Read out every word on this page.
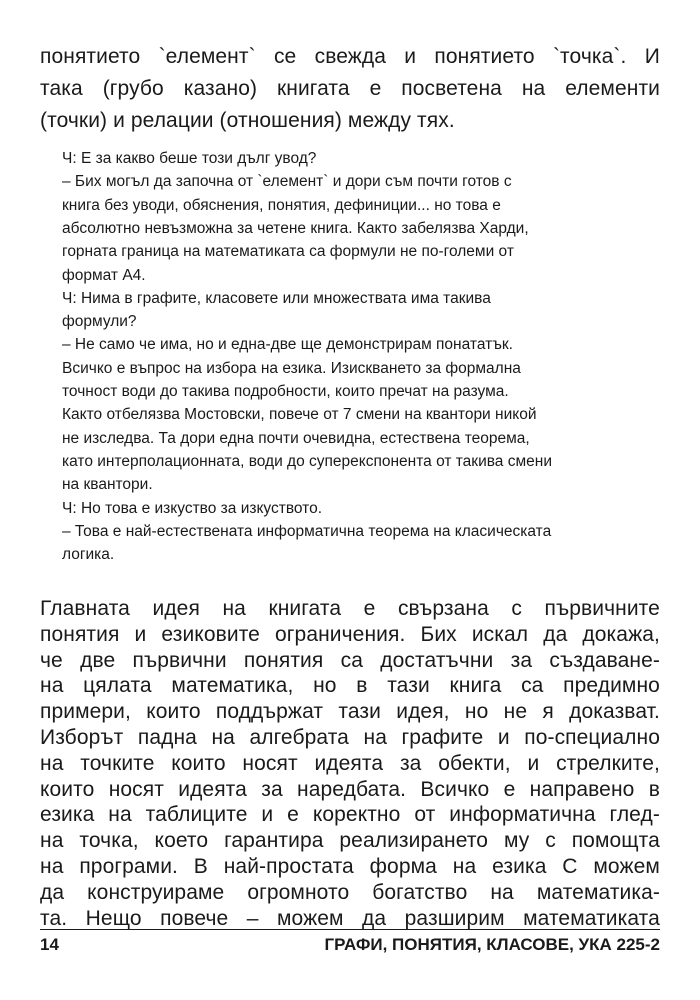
понятието `елемент` се свежда и понятието `точка`. И
така (грубо казано) книгата е посветена на елементи
(точки) и релации (отношения) между тях.
Ч: Е за какво беше този дълг увод?
– Бих могъл да започна от `елемент` и дори съм почти готов с
книга без уводи, обяснения, понятия, дефиниции... но това е
абсолютно невъзможна за четене книга. Както забелязва Харди,
горната граница на математиката са формули не по-големи от
формат А4.
Ч: Нима в графите, класовете или множествата има такива
формули?
– Не само че има, но и една-две ще демонстрирам понататък.
Всичко е въпрос на избора на езика. Изискването за формална
точност води до такива подробности, които пречат на разума.
Както отбелязва Мостовски, повече от 7 смени на квантори никой
не изследва. Та дори една почти очевидна, естествена теорема,
като интерполационната, води до суперекспонента от такива смени
на квантори.
Ч: Но това е изкуство за изкуството.
– Това е най-естествената информатична теорема на класическата
логика.
Главната идея на книгата е свързана с първичните
понятия и езиковите ограничения. Бих искал да докажа,
че две първични понятия са достатъчни за създаване-
на цялата математика, но в тази книга са предимно
примери, които поддържат тази идея, но не я доказват.
Изборът падна на алгебрата на графите и по-специално
на точките които носят идеята за обекти, и стрелките,
които носят идеята за наредбата. Всичко е направено в
езика на таблиците и е коректно от информатична глед-
на точка, което гарантира реализирането му с помощта
на програми. В най-простата форма на езика С можем
да конструираме огромното богатство на математика-
та. Нещо повече – можем да разширим математиката
14	ГРАФИ, ПОНЯТИЯ, КЛАСОВЕ, УКА 225-2
